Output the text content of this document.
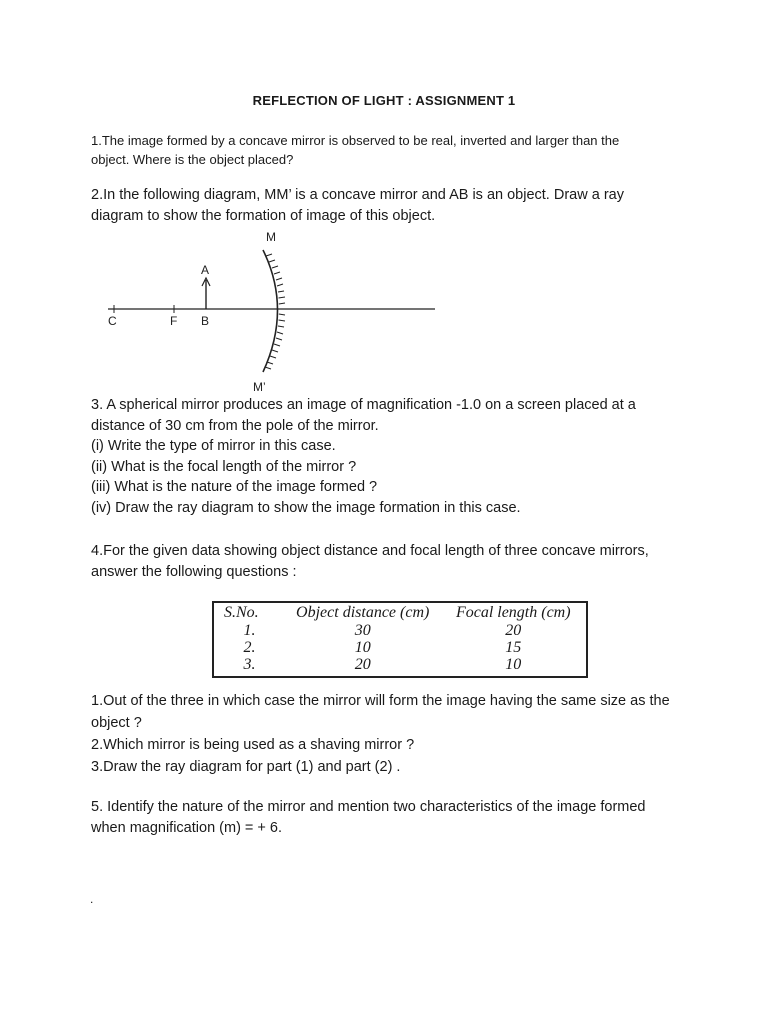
REFLECTION OF LIGHT : ASSIGNMENT 1
1.The image formed by a concave mirror is observed to be real, inverted and larger than the
object. Where is the object placed?
2.In the following diagram, MM’ is a concave mirror and AB is an object. Draw a ray
diagram to show the formation of image of this object.
M
M’
A
C	F B
3. A spherical mirror produces an image of magnification -1.0 on a screen placed at a
distance of 30 cm from the pole of the mirror.
(i) Write the type of mirror in this case.
(ii) What is the focal length of the mirror ?
(iii) What is the nature of the image formed ?
(iv) Draw the ray diagram to show the image formation in this case.
4.For the given data showing object distance and focal length of three concave mirrors,
answer the following questions :
S.No.	Object distance (cm)	Focal length (cm)
1.	30	20
2.	10	15
3.	20	10
1.Out of the three in which case the mirror will form the image having the same size as the
object ?
2.Which mirror is being used as a shaving mirror ?
3.Draw the ray diagram for part (1) and part (2) .
5. Identify the nature of the mirror and mention two characteristics of the image formed
when magnification (m) = + 6.
.
